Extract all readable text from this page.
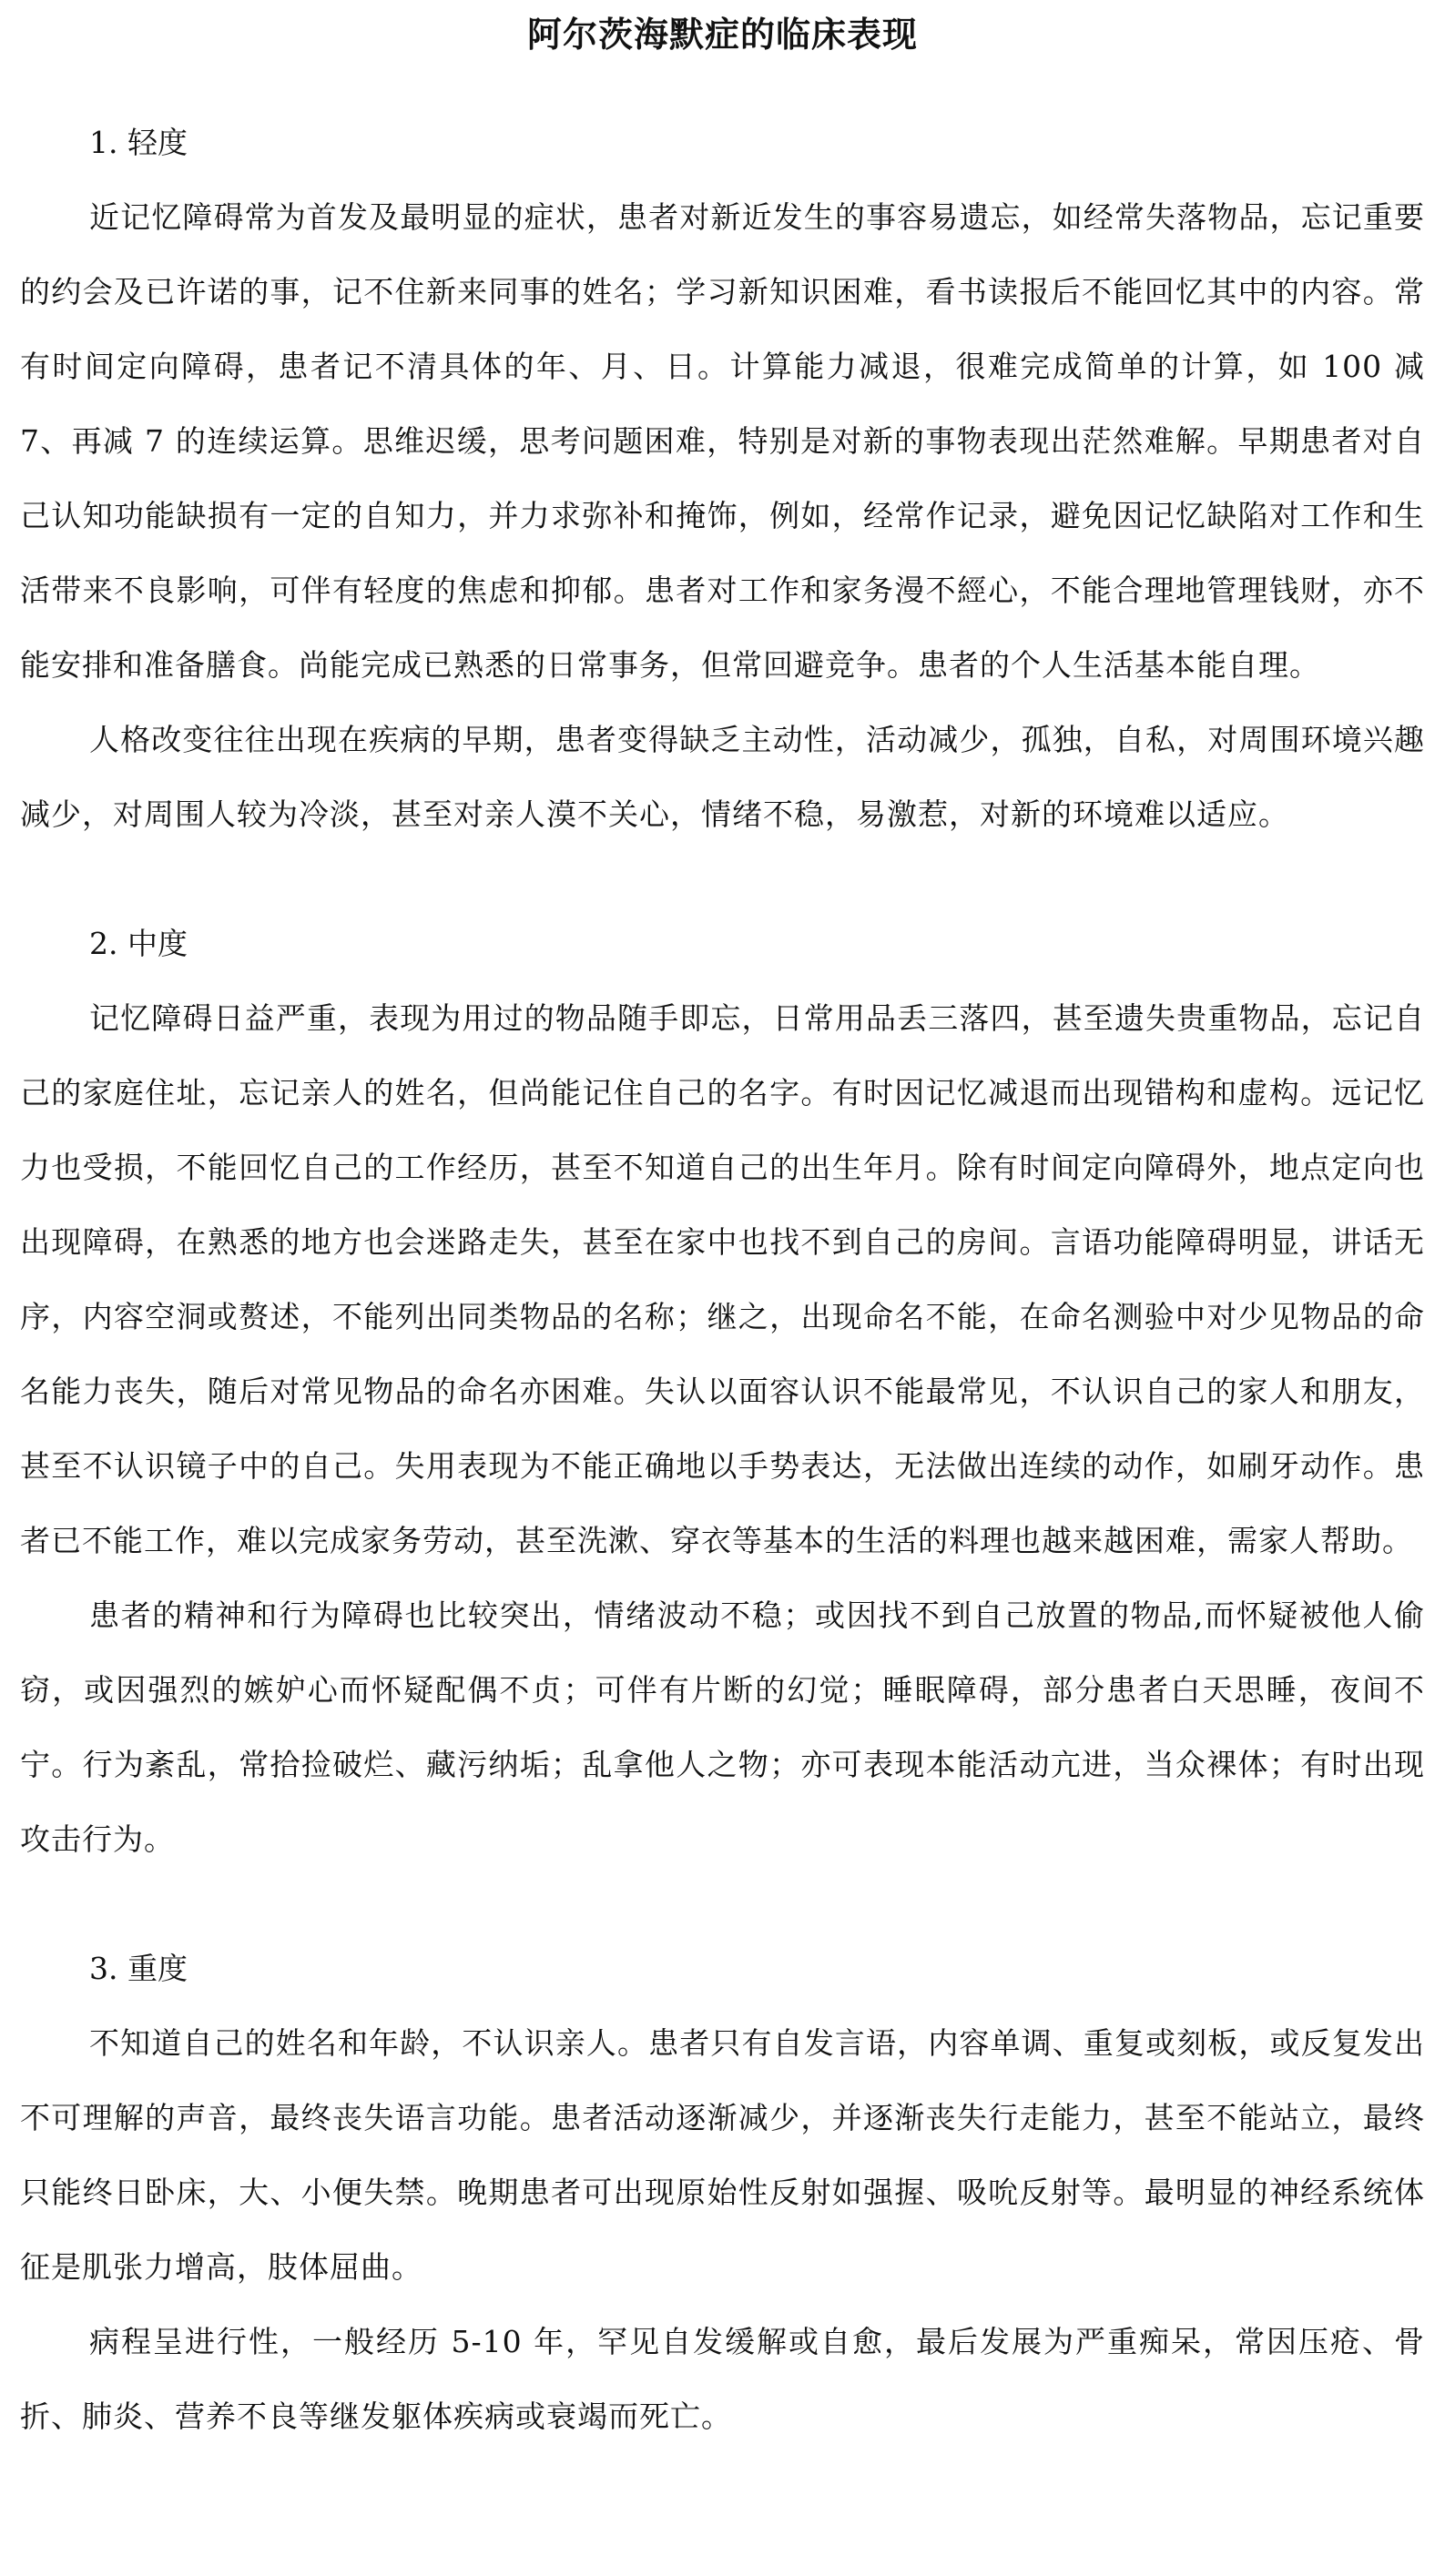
阿尔茨海默症的临床表现
1. 轻度

近记忆障碍常为首发及最明显的症状，患者对新近发生的事容易遗忘，如经常失落物品，忘记重要的约会及已许诺的事，记不住新来同事的姓名；学习新知识困难，看书读报后不能回忆其中的内容。常有时间定向障碍，患者记不清具体的年、月、日。计算能力减退，很难完成简单的计算，如 100 减 7、再减 7 的连续运算。思维迟缓，思考问题困难，特别是对新的事物表现出茫然难解。早期患者对自己认知功能缺损有一定的自知力，并力求弥补和掩饰，例如，经常作记录，避免因记忆缺陷对工作和生活带来不良影响，可伴有轻度的焦虑和抑郁。患者对工作和家务漫不經心，不能合理地管理钱财，亦不能安排和准备膳食。尚能完成已熟悉的日常事务，但常回避竞争。患者的个人生活基本能自理。

人格改变往往出现在疾病的早期，患者变得缺乏主动性，活动减少，孤独，自私，对周围环境兴趣减少，对周围人较为冷淡，甚至对亲人漠不关心，情绪不稳，易激惹，对新的环境难以适应。

2. 中度

记忆障碍日益严重，表现为用过的物品随手即忘，日常用品丢三落四，甚至遗失贵重物品，忘记自己的家庭住址，忘记亲人的姓名，但尚能记住自己的名字。有时因记忆减退而出现错构和虚构。远记忆力也受损，不能回忆自己的工作经历，甚至不知道自己的出生年月。除有时间定向障碍外，地点定向也出现障碍，在熟悉的地方也会迷路走失，甚至在家中也找不到自己的房间。言语功能障碍明显，讲话无序，内容空洞或赘述，不能列出同类物品的名称；继之，出现命名不能，在命名测验中对少见物品的命名能力丧失，随后对常见物品的命名亦困难。失认以面容认识不能最常见，不认识自己的家人和朋友，甚至不认识镜子中的自己。失用表现为不能正确地以手势表达，无法做出连续的动作，如刷牙动作。患者已不能工作，难以完成家务劳动，甚至洗漱、穿衣等基本的生活的料理也越来越困难，需家人帮助。

患者的精神和行为障碍也比较突出，情绪波动不稳；或因找不到自己放置的物品,而怀疑被他人偷窃，或因强烈的嫉妒心而怀疑配偶不贞；可伴有片断的幻觉；睡眠障碍，部分患者白天思睡，夜间不宁。行为紊乱，常拾捡破烂、藏污纳垢；乱拿他人之物；亦可表现本能活动亢进，当众裸体；有时出现攻击行为。

3. 重度

不知道自己的姓名和年龄，不认识亲人。患者只有自发言语，内容单调、重复或刻板，或反复发出不可理解的声音，最终丧失语言功能。患者活动逐渐减少，并逐渐丧失行走能力，甚至不能站立，最终只能终日卧床，大、小便失禁。晚期患者可出现原始性反射如强握、吸吮反射等。最明显的神经系统体征是肌张力增高，肢体屈曲。

病程呈进行性，一般经历 5-10 年，罕见自发缓解或自愈，最后发展为严重痴呆，常因压疮、骨折、肺炎、营养不良等继发躯体疾病或衰竭而死亡。
